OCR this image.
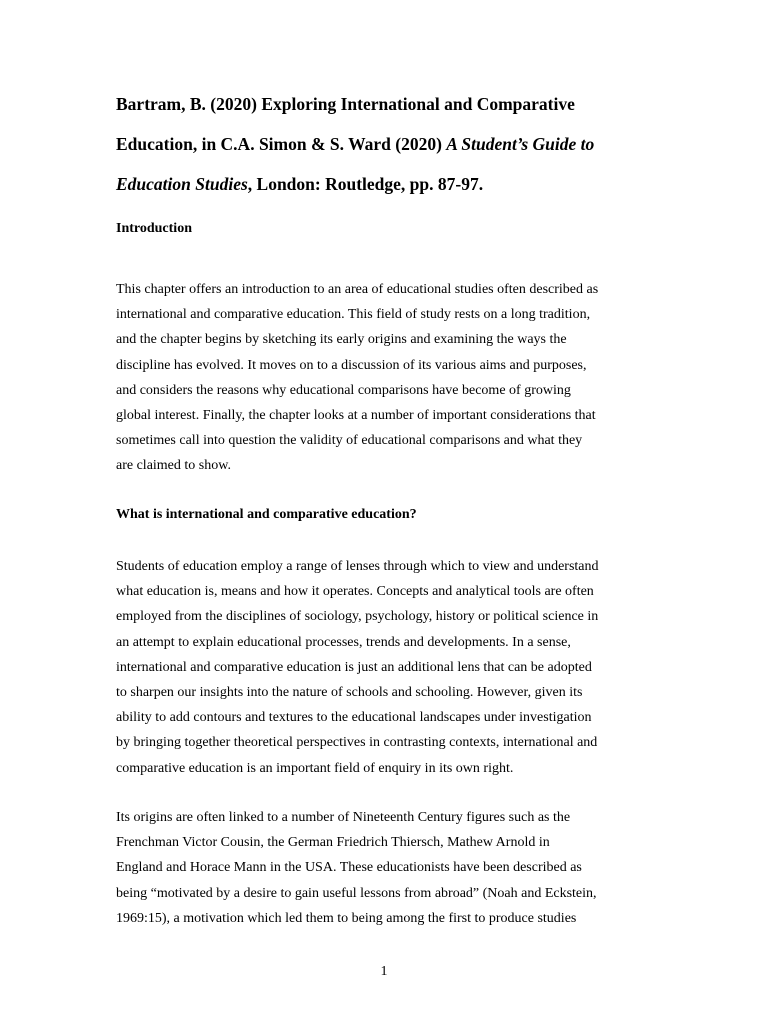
Bartram, B. (2020) Exploring International and Comparative
Education, in C.A. Simon & S. Ward (2020) A Student’s Guide to
Education Studies, London: Routledge, pp. 87-97.
Introduction
This chapter offers an introduction to an area of educational studies often described as
international and comparative education. This field of study rests on a long tradition,
and the chapter begins by sketching its early origins and examining the ways the
discipline has evolved. It moves on to a discussion of its various aims and purposes,
and considers the reasons why educational comparisons have become of growing
global interest. Finally, the chapter looks at a number of important considerations that
sometimes call into question the validity of educational comparisons and what they
are claimed to show.
What is international and comparative education?
Students of education employ a range of lenses through which to view and understand
what education is, means and how it operates. Concepts and analytical tools are often
employed from the disciplines of sociology, psychology, history or political science in
an attempt to explain educational processes, trends and developments. In a sense,
international and comparative education is just an additional lens that can be adopted
to sharpen our insights into the nature of schools and schooling. However, given its
ability to add contours and textures to the educational landscapes under investigation
by bringing together theoretical perspectives in contrasting contexts, international and
comparative education is an important field of enquiry in its own right.
Its origins are often linked to a number of Nineteenth Century figures such as the
Frenchman Victor Cousin, the German Friedrich Thiersch, Mathew Arnold in
England and Horace Mann in the USA. These educationists have been described as
being “motivated by a desire to gain useful lessons from abroad” (Noah and Eckstein,
1969:15), a motivation which led them to being among the first to produce studies
1
